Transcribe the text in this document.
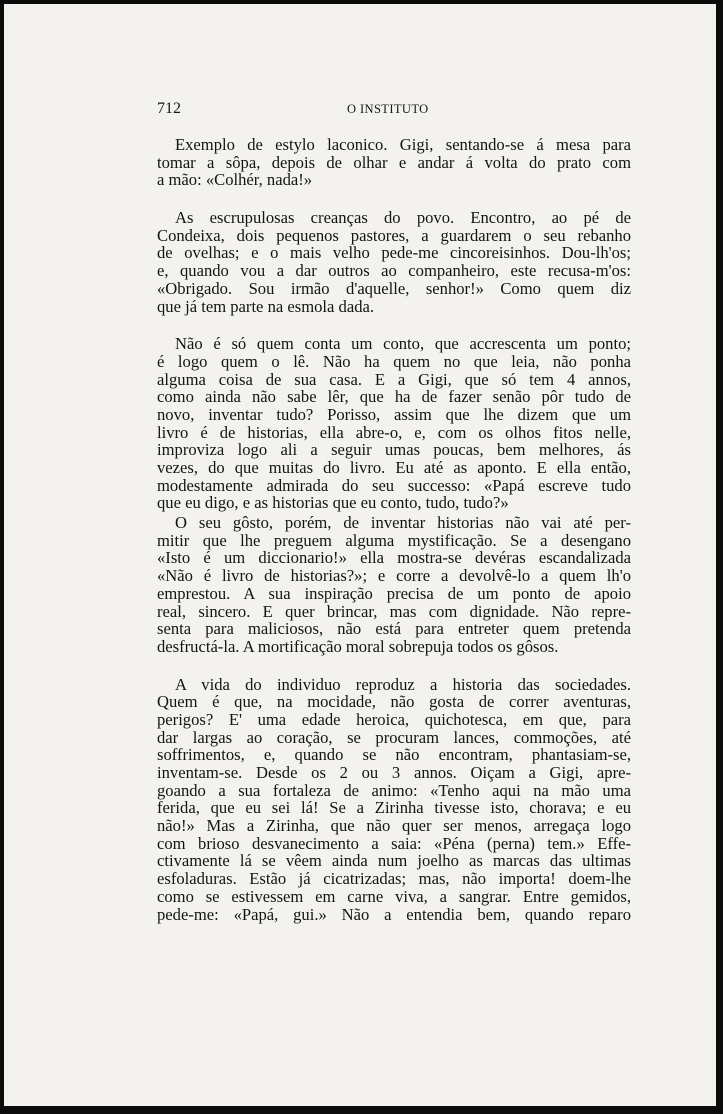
712	O INSTITUTO
Exemplo de estylo laconico. Gigi, sentando-se á mesa para
tomar a sôpa, depois de olhar e andar á volta do prato com
a mão: «Colhér, nada!»
As escrupulosas creanças do povo. Encontro, ao pé de
Condeixa, dois pequenos pastores, a guardarem o seu rebanho
de ovelhas; e o mais velho pede-me cincoreisinhos. Dou-lh'os;
e, quando vou a dar outros ao companheiro, este recusa-m'os:
«Obrigado. Sou irmão d'aquelle, senhor!» Como quem diz
que já tem parte na esmola dada.
Não é só quem conta um conto, que accrescenta um ponto;
é logo quem o lê. Não ha quem no que leia, não ponha
alguma coisa de sua casa. E a Gigi, que só tem 4 annos,
como ainda não sabe lêr, que ha de fazer senão pôr tudo de
novo, inventar tudo? Porisso, assim que lhe dizem que um
livro é de historias, ella abre-o, e, com os olhos fitos nelle,
improviza logo ali a seguir umas poucas, bem melhores, ás
vezes, do que muitas do livro. Eu até as aponto. E ella então,
modestamente admirada do seu successo: «Papá escreve tudo
que eu digo, e as historias que eu conto, tudo, tudo?»
O seu gôsto, porém, de inventar historias não vai até per-
mitir que lhe preguem alguma mystificação. Se a desengano
«Isto é um diccionario!» ella mostra-se devéras escandalizada
«Não é livro de historias?»; e corre a devolvê-lo a quem lh'o
emprestou. A sua inspiração precisa de um ponto de apoio
real, sincero. E quer brincar, mas com dignidade. Não repre-
senta para maliciosos, não está para entreter quem pretenda
desfructá-la. A mortificação moral sobrepuja todos os gôsos.
A vida do individuo reproduz a historia das sociedades.
Quem é que, na mocidade, não gosta de correr aventuras,
perigos? E' uma edade heroica, quichotesca, em que, para
dar largas ao coração, se procuram lances, commoções, até
soffrimentos, e, quando se não encontram, phantasiam-se,
inventam-se. Desde os 2 ou 3 annos. Oiçam a Gigi, apre-
goando a sua fortaleza de animo: «Tenho aqui na mão uma
ferida, que eu sei lá! Se a Zirinha tivesse isto, chorava; e eu
não!» Mas a Zirinha, que não quer ser menos, arregaça logo
com brioso desvanecimento a saia: «Péna (perna) tem.» Effe-
ctivamente lá se vêem ainda num joelho as marcas das ultimas
esfoladuras. Estão já cicatrizadas; mas, não importa! doem-lhe
como se estivessem em carne viva, a sangrar. Entre gemidos,
pede-me: «Papá, gui.» Não a entendia bem, quando reparo
